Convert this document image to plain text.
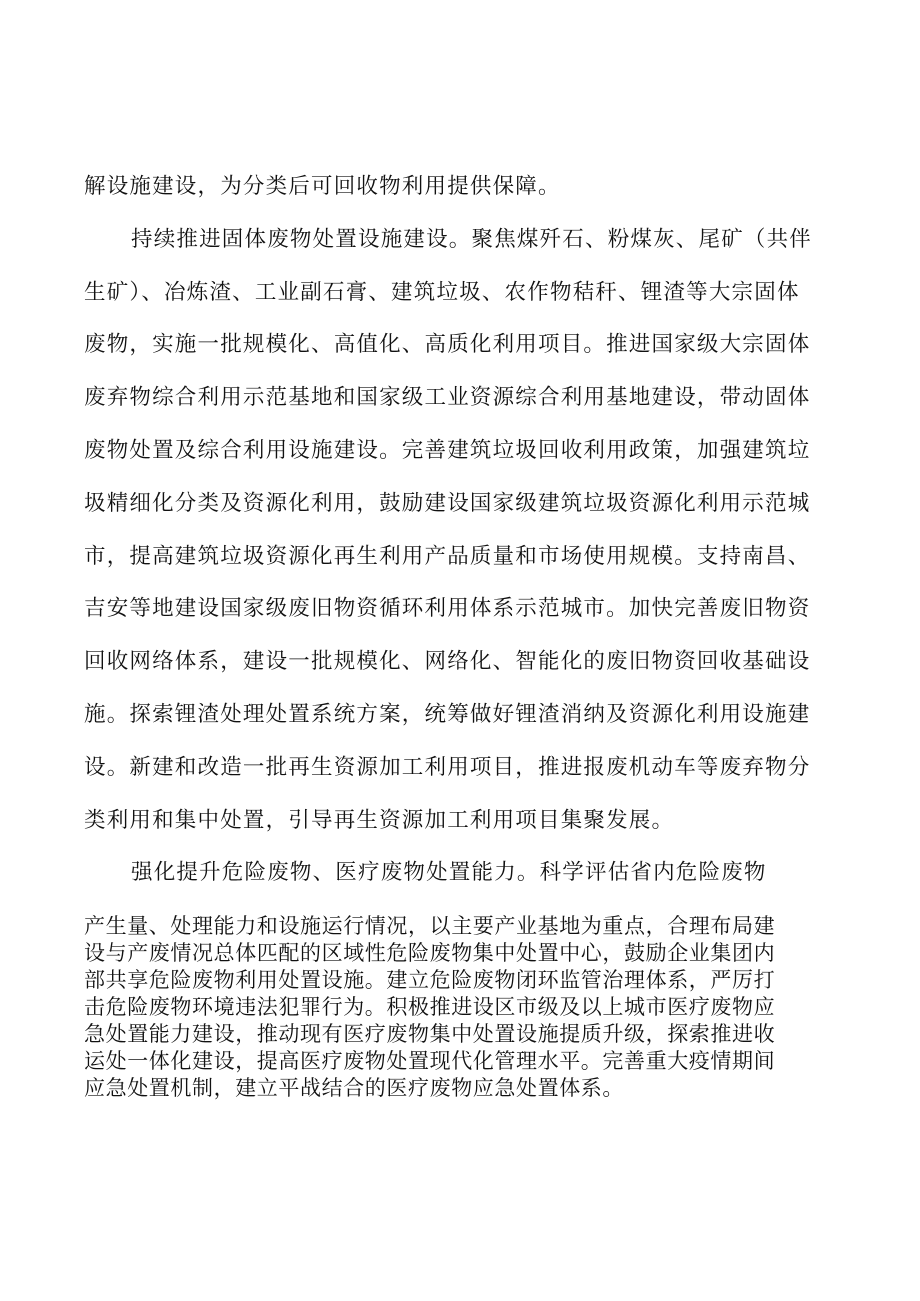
解设施建设，为分类后可回收物利用提供保障。

持续推进固体废物处置设施建设。聚焦煤歼石、粉煤灰、尾矿（共伴

生矿）、冶炼渣、工业副石膏、建筑垃圾、农作物秸秆、锂渣等大宗固体

废物，实施一批规模化、高值化、高质化利用项目。推进国家级大宗固体

废弃物综合利用示范基地和国家级工业资源综合利用基地建设，带动固体

废物处置及综合利用设施建设。完善建筑垃圾回收利用政策，加强建筑垃

圾精细化分类及资源化利用，鼓励建设国家级建筑垃圾资源化利用示范城

市，提高建筑垃圾资源化再生利用产品质量和市场使用规模。支持南昌、

吉安等地建设国家级废旧物资循环利用体系示范城市。加快完善废旧物资

回收网络体系，建设一批规模化、网络化、智能化的废旧物资回收基础设

施。探索锂渣处理处置系统方案，统筹做好锂渣消纳及资源化利用设施建

设。新建和改造一批再生资源加工利用项目，推进报废机动车等废弃物分

类利用和集中处置，引导再生资源加工利用项目集聚发展。

强化提升危险废物、医疗废物处置能力。科学评估省内危险废物

产生量、处理能力和设施运行情况，以主要产业基地为重点，合理布局建

设与产废情况总体匹配的区域性危险废物集中处置中心，鼓励企业集团内

部共享危险废物利用处置设施。建立危险废物闭环监管治理体系，严厉打

击危险废物环境违法犯罪行为。积极推进设区市级及以上城市医疗废物应

急处置能力建设，推动现有医疗废物集中处置设施提质升级，探索推进收

运处一体化建设，提高医疗废物处置现代化管理水平。完善重大疫情期间

应急处置机制，建立平战结合的医疗废物应急处置体系。
